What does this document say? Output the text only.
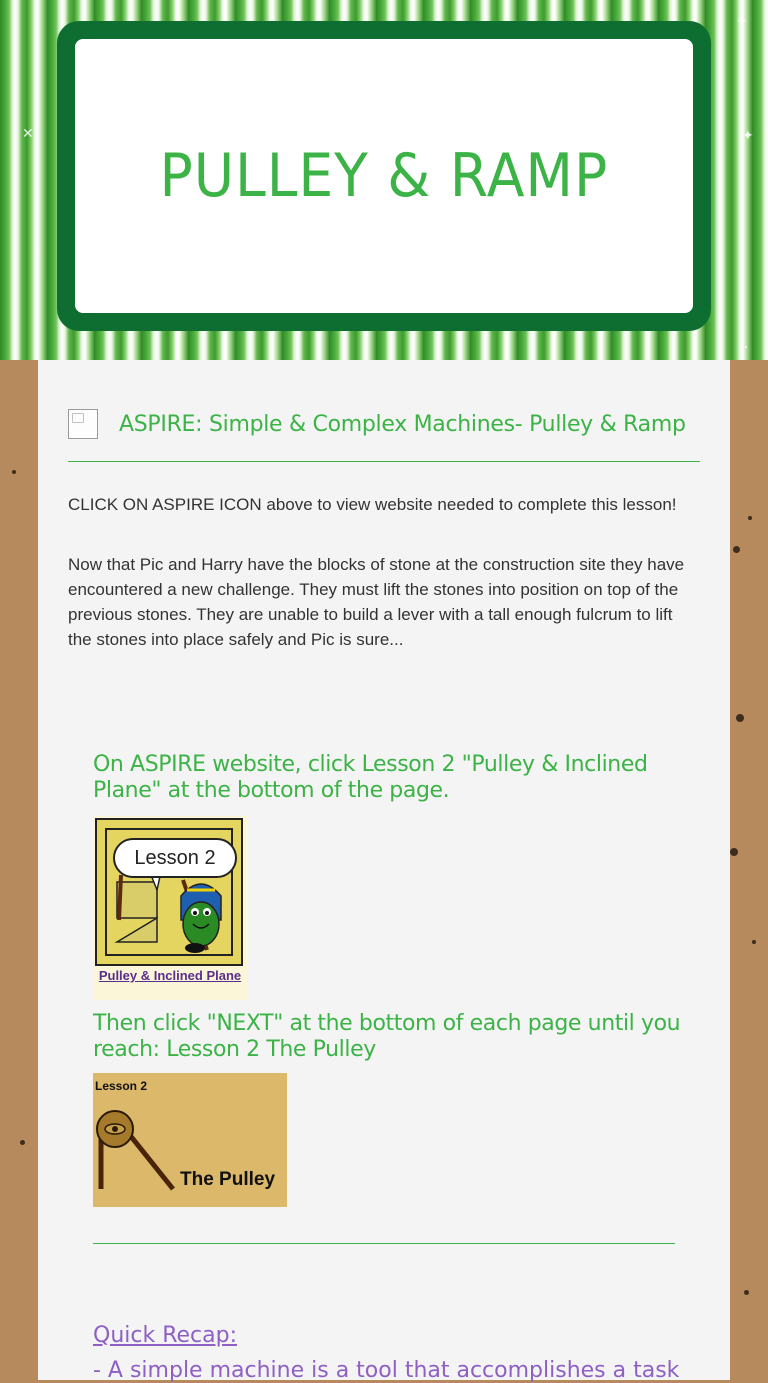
✕
✦
✦
·
PULLEY & RAMP
ASPIRE: Simple & Complex Machines- Pulley & Ramp

CLICK ON ASPIRE ICON above to view website needed to complete this lesson!

Now that Pic and Harry have the blocks of stone at the construction site they have encountered a new challenge. They must lift the stones into position on top of the previous stones. They are unable to build a lever with a tall enough fulcrum to lift the stones into place safely and Pic is sure...

On ASPIRE website, click Lesson 2 "Pulley & Inclined Plane" at the bottom of the page.

Lesson 2
Pulley & Inclined Plane

Then click "NEXT" at the bottom of each page until you reach: Lesson 2 The Pulley

Lesson 2
The Pulley

Quick Recap:

- A simple machine is a tool that accomplishes a task
